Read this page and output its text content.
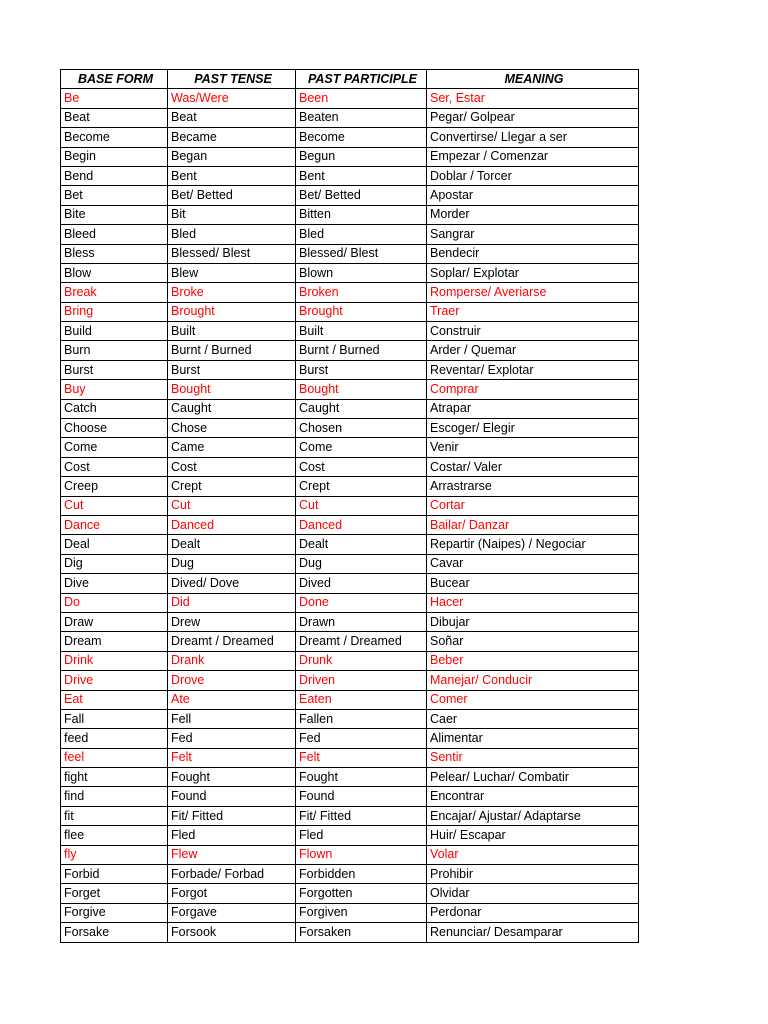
BASE FORM	PAST TENSE	PAST PARTICIPLE	MEANING
Be	Was/Were	Been	Ser, Estar
Beat	Beat	Beaten	Pegar/ Golpear
Become	Became	Become	Convertirse/ Llegar a ser
Begin	Began	Begun	Empezar / Comenzar
Bend	Bent	Bent	Doblar / Torcer
Bet	Bet/ Betted	Bet/ Betted	Apostar
Bite	Bit	Bitten	Morder
Bleed	Bled	Bled	Sangrar
Bless	Blessed/ Blest	Blessed/ Blest	Bendecir
Blow	Blew	Blown	Soplar/ Explotar
Break	Broke	Broken	Romperse/ Averiarse
Bring	Brought	Brought	Traer
Build	Built	Built	Construir
Burn	Burnt / Burned	Burnt / Burned	Arder / Quemar
Burst	Burst	Burst	Reventar/ Explotar
Buy	Bought	Bought	Comprar
Catch	Caught	Caught	Atrapar
Choose	Chose	Chosen	Escoger/ Elegir
Come	Came	Come	Venir
Cost	Cost	Cost	Costar/ Valer
Creep	Crept	Crept	Arrastrarse
Cut	Cut	Cut	Cortar
Dance	Danced	Danced	Bailar/ Danzar
Deal	Dealt	Dealt	Repartir (Naipes) / Negociar
Dig	Dug	Dug	Cavar
Dive	Dived/ Dove	Dived	Bucear
Do	Did	Done	Hacer
Draw	Drew	Drawn	Dibujar
Dream	Dreamt / Dreamed	Dreamt / Dreamed	Soñar
Drink	Drank	Drunk	Beber
Drive	Drove	Driven	Manejar/ Conducir
Eat	Ate	Eaten	Comer
Fall	Fell	Fallen	Caer
feed	Fed	Fed	Alimentar
feel	Felt	Felt	Sentir
fight	Fought	Fought	Pelear/ Luchar/ Combatir
find	Found	Found	Encontrar
fit	Fit/ Fitted	Fit/ Fitted	Encajar/ Ajustar/ Adaptarse
flee	Fled	Fled	Huir/ Escapar
fly	Flew	Flown	Volar
Forbid	Forbade/ Forbad	Forbidden	Prohibir
Forget	Forgot	Forgotten	Olvidar
Forgive	Forgave	Forgiven	Perdonar
Forsake	Forsook	Forsaken	Renunciar/ Desamparar
